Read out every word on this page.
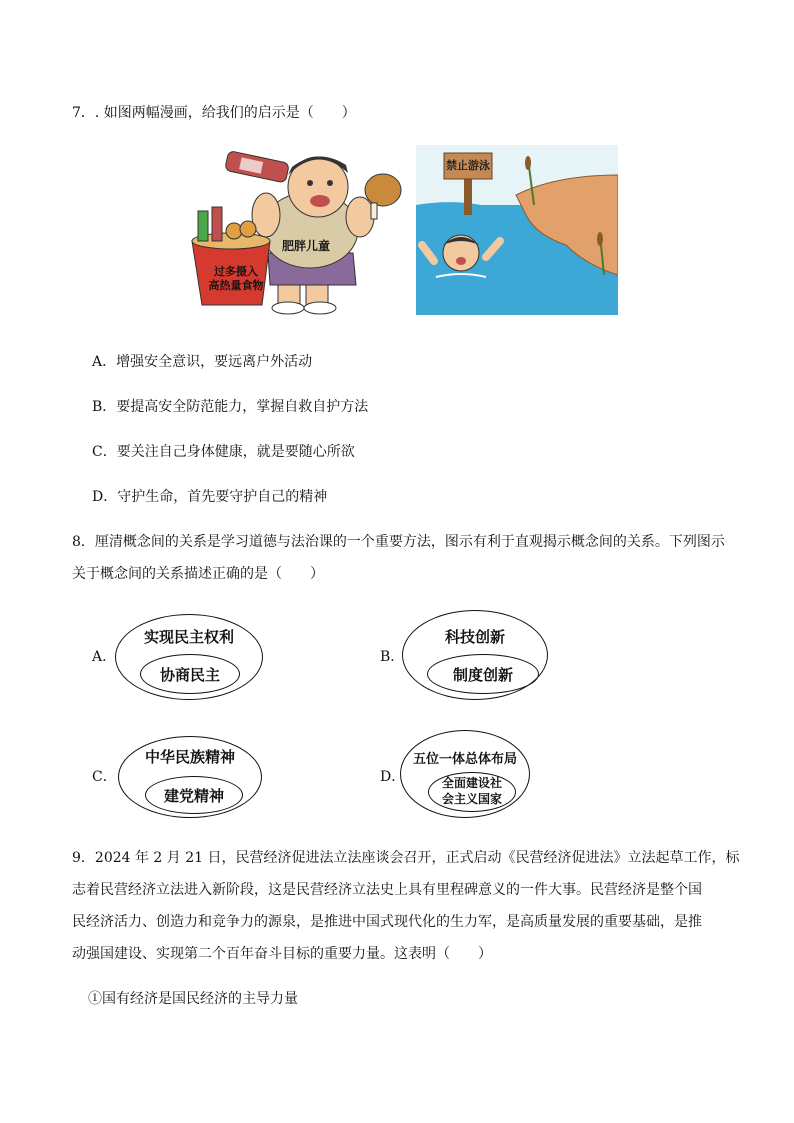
7．. 如图两幅漫画，给我们的启示是（　　）
肥胖儿童
过多摄入
高热量食物
禁止游泳
A．增强安全意识，要远离户外活动
B．要提高安全防范能力，掌握自救自护方法
C．要关注自己身体健康，就是要随心所欲
D．守护生命，首先要守护自己的精神
8．厘清概念间的关系是学习道德与法治课的一个重要方法，图示有利于直观揭示概念间的关系。下列图示
关于概念间的关系描述正确的是（　　）
A．
实现民主权利
协商民主
B．
科技创新
制度创新
C．
中华民族精神
建党精神
D．
五位一体总体布局
全面建设社
会主义国家
9．2024 年 2 月 21 日，民营经济促进法立法座谈会召开，正式启动《民营经济促进法》立法起草工作，标
志着民营经济立法进入新阶段，这是民营经济立法史上具有里程碑意义的一件大事。民营经济是整个国
民经济活力、创造力和竞争力的源泉，是推进中国式现代化的生力军，是高质量发展的重要基础，是推
动强国建设、实现第二个百年奋斗目标的重要力量。这表明（　　）
①国有经济是国民经济的主导力量
